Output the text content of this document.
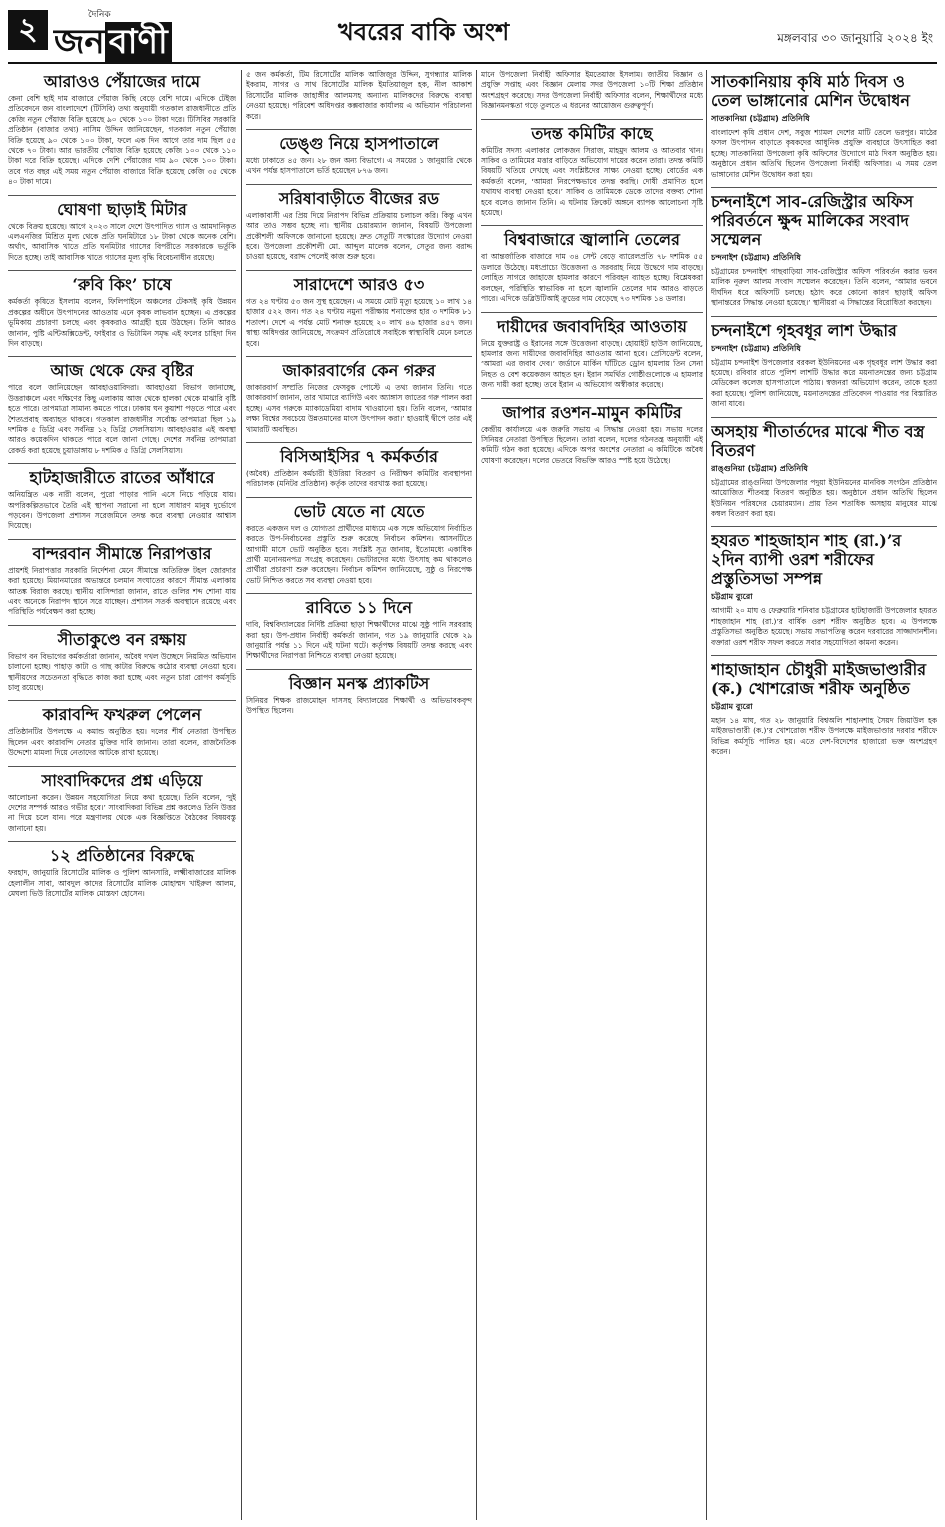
২	দৈনিক
জন বাণী	খবরের বাকি অংশ	মঙ্গলবার ৩০ জানুয়ারি ২০২৪ ইং
আরাওও পেঁয়াজের দামে

কেনা বেশি ছাই দাম বাজারে পেঁয়াজ কিছি বেড়ে বেশি দামে। এদিকে টেইজ প্রতিবেদনে জন বাংলাদেশে (টিসিবি) তথ্য অনুযায়ী গতকাল রাজধানীতে প্রতি কেজি নতুন পেঁয়াজ বিক্রি হয়েছে ৯০ থেকে ১০০ টাকা দরে। টিসিবির সরকারি প্রতিষ্ঠান (বাজার তথ্য) নাসিম উদ্দিন জানিয়েছেন, গতকাল নতুন পেঁয়াজ বিক্রি হয়েছে ৯০ থেকে ১০০ টাকা, ফলে এক দিন আগে তার দাম ছিল ৫৫ থেকে ৭০ টাকা। আর ভারতীয় পেঁয়াজ বিক্রি হয়েছে কেজি ১০০ থেকে ১১০ টাকা দরে বিক্রি হয়েছে। এদিকে দেশি পেঁয়াজের দাম ৯০ থেকে ১০০ টাকা। তবে গত বছর এই সময় নতুন পেঁয়াজ বাজারে বিক্রি হয়েছে কেজি ৩৫ থেকে ৪০ টাকা দামে।

ঘোষণা ছাড়াই মিটার

থেকে বিক্রয় হয়েছে। আগে ২০২৩ সালে দেশে উৎপাদিত গ্যাস ও আমদানিকৃত এলএনজির মিশ্রিত মূল্য থেকে প্রতি ঘনমিটারে ১৮ টাকা থেকে অনেক বেশি। অর্থাৎ, আবাসিক খাতে প্রতি ঘনমিটার গ্যাসের বিপরীতে সরকারকে ভর্তুকি দিতে হচ্ছে। তাই আবাসিক খাতে গ্যাসের মূল্য বৃদ্ধি বিবেচনাধীন রয়েছে।

‘রুবি কিং’ চাষে

কর্মকর্তা কৃষিতে ইসলাম বলেন, ফিলিপাইনে অঞ্চলের টেকসই কৃষি উন্নয়ন প্রকল্পের অধীনে উৎপাদনের আওতায় এনে কৃষক লাভবান হচ্ছেন। এ প্রকল্পের ভূমিকায় প্রচারণা চলছে এবং কৃষকরাও আগ্রহী হয়ে উঠছেন। তিনি আরও জানান, পুষ্টি এন্টিঅক্সিডেন্ট, ফাইবার ও ভিটামিন সমৃদ্ধ এই ফলের চাহিদা দিন দিন বাড়ছে।

আজ থেকে ফের বৃষ্টির

পারে বলে জানিয়েছেন আবহাওয়াবিদরা। আবহাওয়া বিভাগ জানাচ্ছে, উত্তরাঞ্চলে এবং দক্ষিণের কিছু এলাকায় আজ থেকে হালকা থেকে মাঝারি বৃষ্টি হতে পারে। তাপমাত্রা সামান্য কমতে পারে। ঢাকায় ঘন কুয়াশা পড়তে পারে এবং শৈত্যপ্রবাহ অব্যাহত থাকবে। গতকাল রাজধানীর সর্বোচ্চ তাপমাত্রা ছিল ১৯ দশমিক ৫ ডিগ্রি এবং সর্বনিম্ন ১২ ডিগ্রি সেলসিয়াস। আবহাওয়ার এই অবস্থা আরও কয়েকদিন থাকতে পারে বলে জানা গেছে। দেশের সর্বনিম্ন তাপমাত্রা রেকর্ড করা হয়েছে চুয়াডাঙ্গায় ৮ দশমিক ৫ ডিগ্রি সেলসিয়াস।

হাটহাজারীতে রাতের আঁধারে

অনিয়ন্ত্রিত এক নারী বলেন, পুরো পাড়ার পানি এসে নিচে পড়িয়ে যায়। অপরিকল্পিতভাবে তৈরি এই স্থাপনা সরানো না হলে সাধারণ মানুষ দুর্ভোগে পড়বেন। উপজেলা প্রশাসন সরেজমিনে তদন্ত করে ব্যবস্থা নেওয়ার আশ্বাস দিয়েছে।

বান্দরবান সীমান্তে নিরাপত্তার

প্রায়শই নিরাপত্তার সরকারি নির্দেশনা মেনে সীমান্তে অতিরিক্ত টহল জোরদার করা হয়েছে। মিয়ানমারের অভ্যন্তরে চলমান সংঘাতের কারণে সীমান্ত এলাকায় আতঙ্ক বিরাজ করছে। স্থানীয় বাসিন্দারা জানান, রাতে গুলির শব্দ শোনা যায় এবং অনেকে নিরাপদ স্থানে সরে যাচ্ছেন। প্রশাসন সতর্ক অবস্থানে রয়েছে এবং পরিস্থিতি পর্যবেক্ষণ করা হচ্ছে।

সীতাকুণ্ডে বন রক্ষায়

বিভাগ বন বিভাগের কর্মকর্তারা জানান, অবৈধ দখল উচ্ছেদে নিয়মিত অভিযান চালানো হচ্ছে। পাহাড় কাটা ও গাছ কাটার বিরুদ্ধে কঠোর ব্যবস্থা নেওয়া হবে। স্থানীয়দের সচেতনতা বৃদ্ধিতে কাজ করা হচ্ছে এবং নতুন চারা রোপণ কর্মসূচি চালু রয়েছে।

কারাবন্দি ফখরুল পেলেন

প্রতিষ্ঠানটির উপলক্ষে এ কমান্ড অনুষ্ঠিত হয়। দলের শীর্ষ নেতারা উপস্থিত ছিলেন এবং কারাবন্দি নেতার মুক্তির দাবি জানান। তারা বলেন, রাজনৈতিক উদ্দেশ্যে মামলা দিয়ে নেতাদের আটকে রাখা হয়েছে।

সাংবাদিকদের প্রশ্ন এড়িয়ে

আলোচনা করেন। উন্নয়ন সহযোগিতা নিয়ে কথা হয়েছে। তিনি বলেন, ‘দুই দেশের সম্পর্ক আরও গভীর হবে।’ সাংবাদিকরা বিভিন্ন প্রশ্ন করলেও তিনি উত্তর না দিয়ে চলে যান। পরে মন্ত্রণালয় থেকে এক বিজ্ঞপ্তিতে বৈঠকের বিষয়বস্তু জানানো হয়।

১২ প্রতিষ্ঠানের বিরুদ্ধে

ফরহাদ, জানুয়ারি রিসোর্টের মালিক ও পুলিশ আনসারি, লক্ষ্মীবাজারের মালিক হেলালীন সাবা, আবদুল কাদের রিসোর্টের মালিক মোহাম্মদ খাইরুল আলম, মেঘলা ভিউ রিসোর্টের মালিক মোস্তফা হোসেন।

৫ জন কর্মকর্তা, টিম রিসোর্টের মালিক আজিজুর উদ্দিন, সুগন্ধ্যার মালিক ইকরাম, সাগর ও সাথ রিসোর্টের মালিক ইমতিয়াজুল হক, নীল আকাশ রিসোর্টের মালিক জাহাঙ্গীর আলমসহ অন্যান্য মালিকদের বিরুদ্ধে ব্যবস্থা নেওয়া হয়েছে। পরিবেশ অধিদপ্তর কক্সবাজার কার্যালয় এ অভিযান পরিচালনা করে।

ডেঙ্গু নিয়ে হাসপাতালে

মধ্যে ঢাকাতে ৪৫ জন। ২৮ জন অন্য বিভাগে। এ সময়ের ১ জানুয়ারি থেকে এখন পর্যন্ত হাসপাতালে ভর্তি হয়েছেন ৮৭৬ জন।

সরিষাবাড়ীতে বীজের রড

এলাকাবাসী এর প্রিয় দিয়ে নিরাপদ বিভিন্ন প্রক্রিয়ায় চলাচল করি। কিন্তু এখন আর তাও সম্ভব হচ্ছে না। স্থানীয় চেয়ারম্যান জানান, বিষয়টি উপজেলা প্রকৌশলী অফিসকে জানানো হয়েছে। দ্রুত সেতুটি সংস্কারের উদ্যোগ নেওয়া হবে। উপজেলা প্রকৌশলী মো. আব্দুল মালেক বলেন, সেতুর জন্য বরাদ্দ চাওয়া হয়েছে, বরাদ্দ পেলেই কাজ শুরু হবে।

সারাদেশে আরও ৫৩

গত ২৪ ঘণ্টায় ৫৩ জন সুস্থ হয়েছেন। এ সময়ে মোট মৃত্যু হয়েছে ১০ লাখ ১৪ হাজার ৫২২ জন। গত ২৪ ঘণ্টায় নমুনা পরীক্ষায় শনাক্তের হার ৩ দশমিক ৮১ শতাংশ। দেশে এ পর্যন্ত মোট শনাক্ত হয়েছে ২০ লাখ ৪৬ হাজার ৪৫৭ জন। স্বাস্থ্য অধিদপ্তর জানিয়েছে, সংক্রমণ প্রতিরোধে সবাইকে স্বাস্থ্যবিধি মেনে চলতে হবে।

জাকারবার্গের কেন গরুর

জাকারবার্গ সম্প্রতি নিজের ফেসবুক পোস্টে এ তথ্য জানান তিনি। গতে জাকারবার্গ জানান, তার খামারে ব্যাগিউ এবং অ্যাঙ্গাস জাতের গরু পালন করা হচ্ছে। এসব গরুকে ম্যাকাডেমিয়া বাদাম খাওয়ানো হয়। তিনি বলেন, ‘আমার লক্ষ্য বিশ্বের সবচেয়ে উন্নতমানের মাংস উৎপাদন করা।’ হাওয়াই দ্বীপে তার এই খামারটি অবস্থিত।

বিসিআইসির ৭ কর্মকর্তার

(অবৈধ) প্রতিষ্ঠান কর্মচারী ইউরিয়া বিতরণ ও নিরীক্ষণ কমিটির ব্যবস্থাপনা পরিচালক (মনিটর প্রতিষ্ঠান) কর্তৃক তাদের বরখাস্ত করা হয়েছে।

ভোট যেতে না যেতে

করতে একজন দল ও যোগ্যতা প্রার্থীদের মাধ্যমে এক সঙ্গে অভিযোগ নির্বাচিত করতে উপ-নির্বাচনের প্রস্তুতি শুরু করেছে নির্বাচন কমিশন। আসনটিতে আগামী মাসে ভোট অনুষ্ঠিত হবে। সংশ্লিষ্ট সূত্র জানায়, ইতোমধ্যে একাধিক প্রার্থী মনোনয়নপত্র সংগ্রহ করেছেন। ভোটারদের মধ্যে উৎসাহ কম থাকলেও প্রার্থীরা প্রচারণা শুরু করেছেন। নির্বাচন কমিশন জানিয়েছে, সুষ্ঠু ও নিরপেক্ষ ভোট নিশ্চিত করতে সব ব্যবস্থা নেওয়া হবে।

রাবিতে ১১ দিনে

দাবি, বিশ্ববিদ্যালয়ের নির্দিষ্ট প্রক্রিয়া ছাড়া শিক্ষার্থীদের মাঝে সুষ্ঠু পানি সরবরাহ করা হয়। উপ-প্রধান নির্বাহী কর্মকর্তা জানান, গত ১৯ জানুয়ারি থেকে ২৯ জানুয়ারি পর্যন্ত ১১ দিনে এই ঘটনা ঘটে। কর্তৃপক্ষ বিষয়টি তদন্ত করছে এবং শিক্ষার্থীদের নিরাপত্তা নিশ্চিতে ব্যবস্থা নেওয়া হয়েছে।

বিজ্ঞান মনস্ক প্র্যাকটিস

সিনিয়র শিক্ষক রাজমোহন দাসসহ বিদ্যালয়ের শিক্ষার্থী ও অভিভাবকবৃন্দ উপস্থিত ছিলেন।

মানে উপজেলা নির্বাহী অফিসার ইমতেয়াজ ইসলাম। জাতীয় বিজ্ঞান ও প্রযুক্তি সপ্তাহ এবং বিজ্ঞান মেলায় সদর উপজেলা ১০টি শিক্ষা প্রতিষ্ঠান অংশগ্রহণ করেছে। সদর উপজেলা নির্বাহী অফিসার বলেন, শিক্ষার্থীদের মধ্যে বিজ্ঞানমনস্কতা গড়ে তুলতে এ ধরনের আয়োজন গুরুত্বপূর্ণ।

তদন্ত কমিটির কাছে

কমিটির সদস্য এলাকার লোকজন সিরাজ, মাহমুদ আলম ও আতবার খান। সাকিব ও তামিমের মত্তার বাড়িতে অভিযোগ দায়ের করেন তারা। তদন্ত কমিটি বিষয়টি খতিয়ে দেখছে এবং সংশ্লিষ্টদের সাক্ষ্য নেওয়া হচ্ছে। বোর্ডের এক কর্মকর্তা বলেন, ‘আমরা নিরপেক্ষভাবে তদন্ত করছি। দোষী প্রমাণিত হলে যথাযথ ব্যবস্থা নেওয়া হবে।’ সাকিব ও তামিমকে ডেকে তাদের বক্তব্য শোনা হবে বলেও জানান তিনি। এ ঘটনায় ক্রিকেট অঙ্গনে ব্যাপক আলোচনা সৃষ্টি হয়েছে।

বিশ্ববাজারে জ্বালানি তেলের

বা আন্তর্জাতিক বাজারে দাম ৩৪ সেন্ট বেড়ে ব্যারেলপ্রতি ৭৮ দশমিক ৫৫ ডলারে উঠেছে। মধ্যপ্রাচ্যে উত্তেজনা ও সরবরাহ নিয়ে উদ্বেগে দাম বাড়ছে। লোহিত সাগরে জাহাজে হামলার কারণে পরিবহন ব্যাহত হচ্ছে। বিশ্লেষকরা বলছেন, পরিস্থিতি স্বাভাবিক না হলে জ্বালানি তেলের দাম আরও বাড়তে পারে। এদিকে ডব্লিউটিআই ক্রুডের দাম বেড়েছে ৭৩ দশমিক ১৪ ডলার।

দায়ীদের জবাবদিহির আওতায়

নিয়ে যুক্তরাষ্ট্র ও ইরানের সঙ্গে উত্তেজনা বাড়ছে। হোয়াইট হাউস জানিয়েছে, হামলার জন্য দায়ীদের জবাবদিহির আওতায় আনা হবে। প্রেসিডেন্ট বলেন, ‘আমরা এর জবাব দেব।’ জর্ডানে মার্কিন ঘাঁটিতে ড্রোন হামলায় তিন সেনা নিহত ও বেশ কয়েকজন আহত হন। ইরান সমর্থিত গোষ্ঠীগুলোকে এ হামলার জন্য দায়ী করা হচ্ছে। তবে ইরান এ অভিযোগ অস্বীকার করেছে।

জাপার রওশন-মামুন কমিটির

কেন্দ্রীয় কার্যালয়ে এক জরুরি সভায় এ সিদ্ধান্ত নেওয়া হয়। সভায় দলের সিনিয়র নেতারা উপস্থিত ছিলেন। তারা বলেন, দলের গঠনতন্ত্র অনুযায়ী এই কমিটি গঠন করা হয়েছে। এদিকে অপর অংশের নেতারা এ কমিটিকে অবৈধ ঘোষণা করেছেন। দলের ভেতরে বিভক্তি আরও স্পষ্ট হয়ে উঠেছে।

সাতকানিয়ায় কৃষি মাঠ দিবস ও তেল ভাঙ্গানোর মেশিন উদ্বোধন
সাতকানিয়া (চট্টগ্রাম) প্রতিনিধি

বাংলাদেশ কৃষি প্রধান দেশ, সবুজ শ্যামল দেশের মাটি তেলে ভরপুর। মাঠের ফসল উৎপাদন বাড়াতে কৃষকদের আধুনিক প্রযুক্তি ব্যবহারে উৎসাহিত করা হচ্ছে। সাতকানিয়া উপজেলা কৃষি অফিসের উদ্যোগে মাঠ দিবস অনুষ্ঠিত হয়। অনুষ্ঠানে প্রধান অতিথি ছিলেন উপজেলা নির্বাহী অফিসার। এ সময় তেল ভাঙ্গানোর মেশিন উদ্বোধন করা হয়।

চন্দনাইশে সাব-রেজিস্ট্রার অফিস পরিবর্তনে ক্ষুব্দ মালিকের সংবাদ সম্মেলন
চন্দনাইশ (চট্টগ্রাম) প্রতিনিধি

চট্টগ্রামের চন্দনাইশ গাছবাড়িয়া সাব-রেজিস্ট্রার অফিস পরিবর্তন করার ভবন মালিক নূরুল আলম সংবাদ সম্মেলন করেছেন। তিনি বলেন, ‘আমার ভবনে দীর্ঘদিন ধরে অফিসটি চলছে। হঠাৎ করে কোনো কারণ ছাড়াই অফিস স্থানান্তরের সিদ্ধান্ত নেওয়া হয়েছে।’ স্থানীয়রা এ সিদ্ধান্তের বিরোধিতা করছেন।

চন্দনাইশে গৃহবধূর লাশ উদ্ধার
চন্দনাইশ (চট্টগ্রাম) প্রতিনিধি

চট্টগ্রাম চন্দনাইশ উপজেলার বরকল ইউনিয়নের এক গৃহবধূর লাশ উদ্ধার করা হয়েছে। রবিবার রাতে পুলিশ লাশটি উদ্ধার করে ময়নাতদন্তের জন্য চট্টগ্রাম মেডিকেল কলেজ হাসপাতালে পাঠায়। স্বজনরা অভিযোগ করেন, তাকে হত্যা করা হয়েছে। পুলিশ জানিয়েছে, ময়নাতদন্তের প্রতিবেদন পাওয়ার পর বিস্তারিত জানা যাবে।

অসহায় শীতার্তদের মাঝে শীত বস্ত্র বিতরণ
রাঙ্গুনিয়া (চট্টগ্রাম) প্রতিনিধি

চট্টগ্রামের রাঙ্গুনিয়া উপজেলার পদুয়া ইউনিয়নের মানবিক সংগঠন প্রতিষ্ঠান আয়োজিত শীতবস্ত্র বিতরণ অনুষ্ঠিত হয়। অনুষ্ঠানে প্রধান অতিথি ছিলেন ইউনিয়ন পরিষদের চেয়ারম্যান। প্রায় তিন শতাধিক অসহায় মানুষের মাঝে কম্বল বিতরণ করা হয়।

হযরত শাহজাহান শাহ (রা.)’র ২দিন ব্যাপী ওরশ শরীফের প্রস্তুতিসভা সম্পন্ন
চট্টগ্রাম ব্যুরো

আগামী ২০ মাঘ ও ফেব্রুয়ারি শনিবার চট্টগ্রামের হাটহাজারী উপজেলার হযরত শাহজাহান শাহ (রা.)’র বার্ষিক ওরশ শরীফ অনুষ্ঠিত হবে। এ উপলক্ষে প্রস্তুতিসভা অনুষ্ঠিত হয়েছে। সভায় সভাপতিত্ব করেন দরবারের সাজ্জাদানশীন। বক্তারা ওরশ শরীফ সফল করতে সবার সহযোগিতা কামনা করেন।

শাহাজাহান চৌধুরী মাইজভাণ্ডারীর (ক.) খোশরোজ শরীফ অনুষ্ঠিত
চট্টগ্রাম ব্যুরো

মহান ১৪ মাঘ, গত ২৮ জানুয়ারি বিশ্বঅলি শাহানশাহ সৈয়দ জিয়াউল হক মাইজভাণ্ডারী (ক.)’র খোশরোজ শরীফ উপলক্ষে মাইজভাণ্ডার দরবার শরীফে বিভিন্ন কর্মসূচি পালিত হয়। এতে দেশ-বিদেশের হাজারো ভক্ত অংশগ্রহণ করেন।
